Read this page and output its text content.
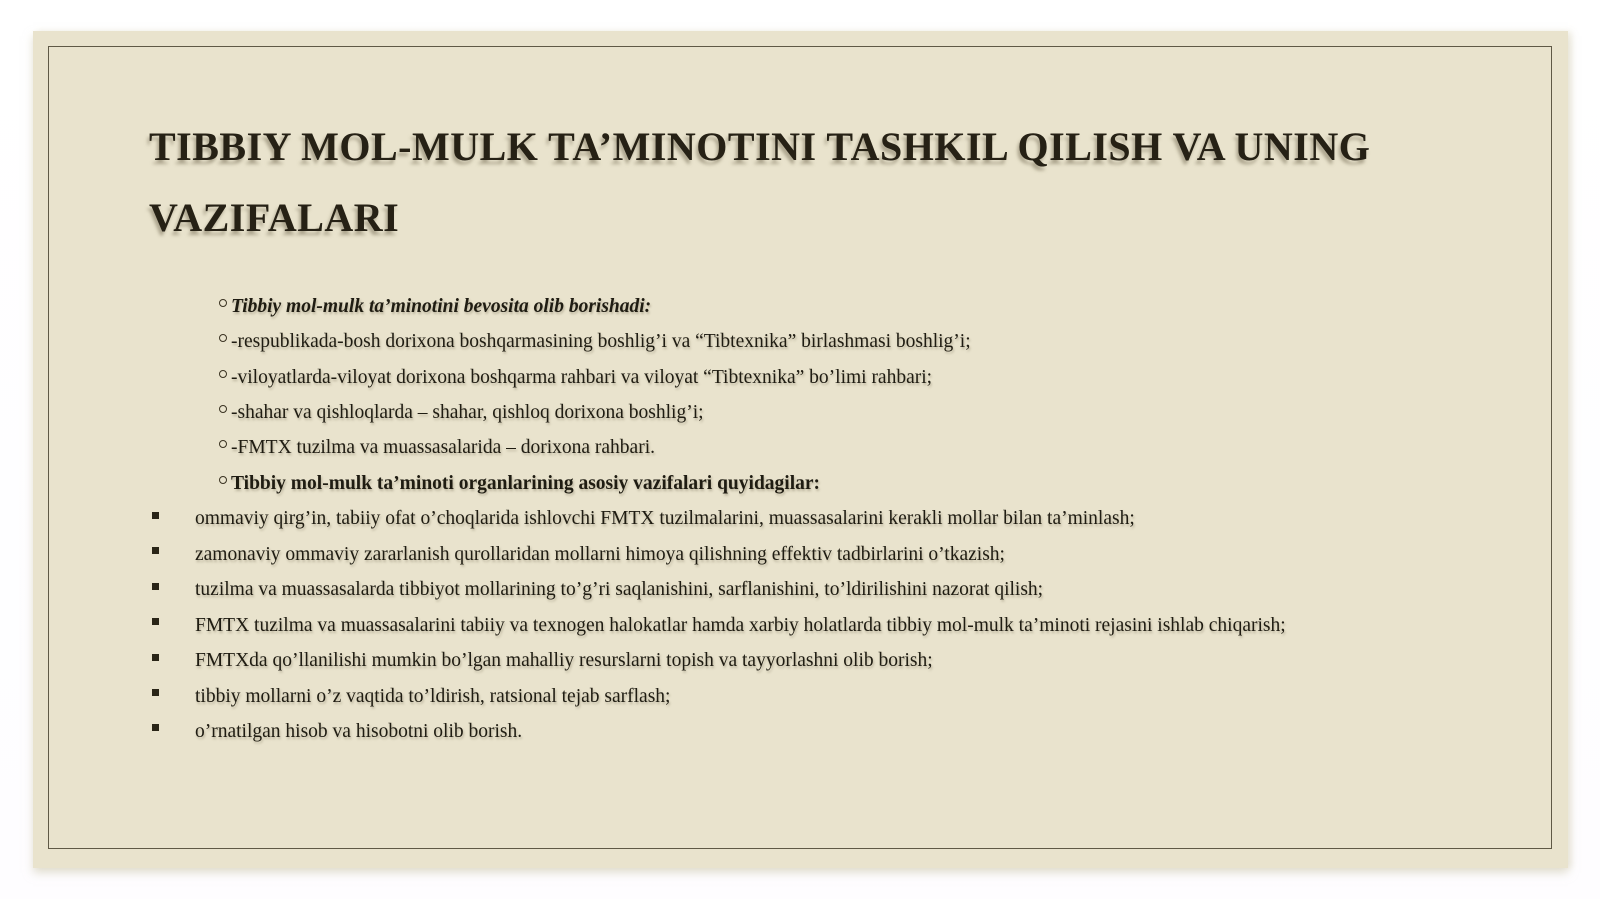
TIBBIY MOL-MULK TA’MINOTINI TASHKIL QILISH VA UNING VAZIFALARI
Tibbiy mol-mulk ta’minotini bevosita olib borishadi:
-respublikada-bosh dorixona boshqarmasining boshlig’i va “Tibtexnika” birlashmasi boshlig’i;
-viloyatlarda-viloyat dorixona boshqarma rahbari va viloyat “Tibtexnika” bo’limi rahbari;
-shahar va qishloqlarda – shahar, qishloq dorixona boshlig’i;
-FMTX tuzilma va muassasalarida – dorixona rahbari.
Tibbiy mol-mulk ta’minoti organlarining asosiy vazifalari quyidagilar:
ommaviy qirg’in, tabiiy ofat o’choqlarida ishlovchi FMTX tuzilmalarini, muassasalarini kerakli mollar bilan ta’minlash;
zamonaviy ommaviy zararlanish qurollaridan mollarni himoya qilishning effektiv tadbirlarini o’tkazish;
tuzilma va muassasalarda tibbiyot mollarining to’g’ri saqlanishini, sarflanishini, to’ldirilishini nazorat qilish;
FMTX tuzilma va muassasalarini tabiiy va texnogen halokatlar hamda xarbiy holatlarda tibbiy mol-mulk ta’minoti rejasini ishlab chiqarish;
FMTXda qo’llanilishi mumkin bo’lgan mahalliy resurslarni topish va tayyorlashni olib borish;
tibbiy mollarni o’z vaqtida to’ldirish, ratsional tejab sarflash;
o’rnatilgan hisob va hisobotni olib borish.
